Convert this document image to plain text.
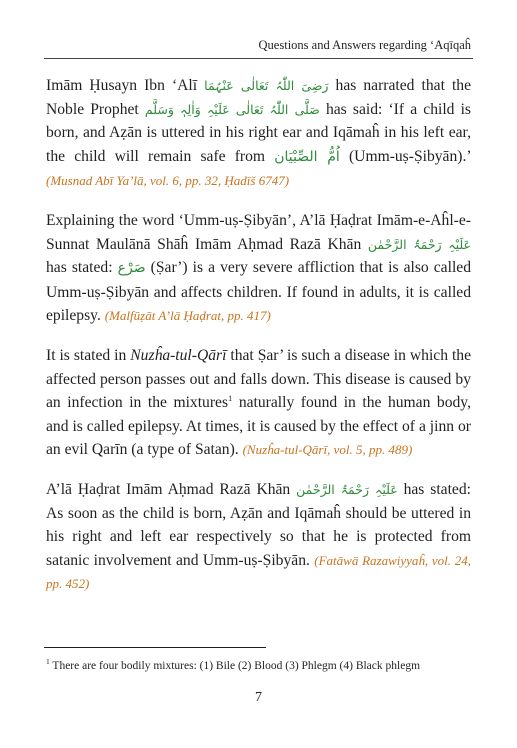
Questions and Answers regarding ‘Aqīqaĥ

Imām Ḥusayn Ibn ‘Alī رَضِیَ اللّٰہُ تَعَالٰی عَنْہُمَا has narrated that the Noble Prophet صَلَّی اللّٰہُ تَعَالٰی عَلَیْہِ وَاٰلِہٖ وَسَلَّم has said: ‘If a child is born, and Aẓān is uttered in his right ear and Iqāmaĥ in his left ear, the child will remain safe from اُمُّ الصِّبْیَان (Umm-uṣ-Ṣibyān).’ (Musnad Abī Ya’lā, vol. 6, pp. 32, Ḥadīš 6747)

Explaining the word ‘Umm-uṣ-Ṣibyān’, A’lā Ḥaḍrat Imām-e-Aĥl-e-Sunnat Maulānā Shāĥ Imām Aḥmad Razā Khān عَلَیْہِ رَحْمَۃُ الرَّحْمٰن has stated: صَرْع (Ṣar’) is a very severe affliction that is also called Umm-uṣ-Ṣibyān and affects children. If found in adults, it is called epilepsy. (Malfūẓāt A’lā Ḥaḍrat, pp. 417)

It is stated in Nuzĥa-tul-Qārī that Ṣar’ is such a disease in which the affected person passes out and falls down. This disease is caused by an infection in the mixtures$^1$ naturally found in the human body, and is called epilepsy. At times, it is caused by the effect of a jinn or an evil Qarīn (a type of Satan). (Nuzĥa-tul-Qārī, vol. 5, pp. 489)

A’lā Ḥaḍrat Imām Aḥmad Razā Khān عَلَیْہِ رَحْمَۃُ الرَّحْمٰن has stated: As soon as the child is born, Aẓān and Iqāmaĥ should be uttered in his right and left ear respectively so that he is protected from satanic involvement and Umm-uṣ-Ṣibyān. (Fatāwā Razawiyyaĥ, vol. 24, pp. 452)

$^1$ There are four bodily mixtures: (1) Bile (2) Blood (3) Phlegm (4) Black phlegm
7
